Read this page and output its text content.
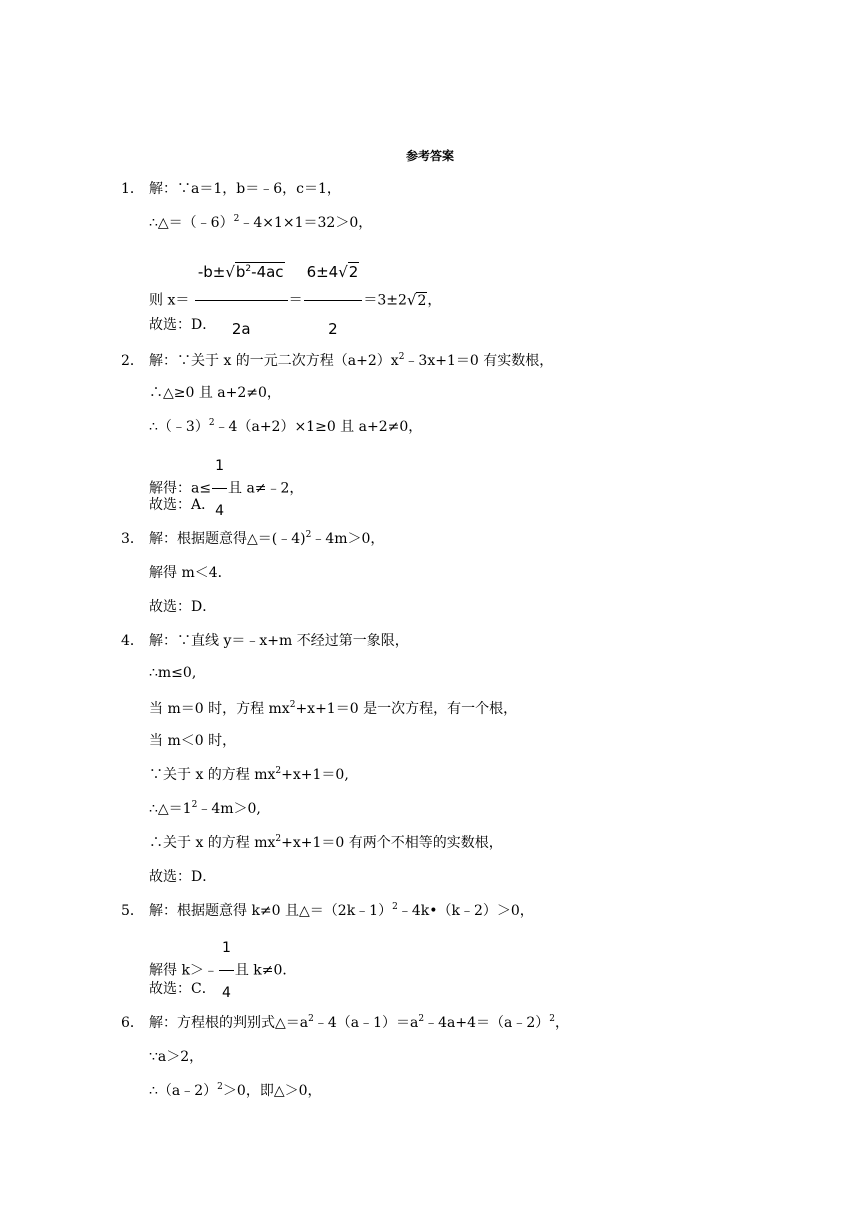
参考答案
1． 解：∵a＝1，b＝﹣6，c＝1，
∴△＝（﹣6）$^2$﹣4×1×1＝32＞0，
则 $x= \frac{-b\pm√b^2-4ac}{2a} = \frac{6\pm 4√2}{2} =3\pm 2√2$，
故选：D．
2． 解：∵关于 x 的一元二次方程$(a+2)x^2﹣3x+1=0$ 有实数根，
∴△≥0 且 a+2≠0，
∴（﹣3）$^2$﹣4（a+2）×1≥0 且 a+2≠0，
解得：$a\le \frac{1}{4}$ 且 a≠﹣2，
故选：A．
3． 解：根据题意得△＝(﹣4)$^2$﹣4m＞0，
解得 m＜4．
故选：D．
4． 解：∵直线 y＝﹣x+m 不经过第一象限，
∴m≤0,
当 m＝0 时，方程 $mx^2+x+1=0$ 是一次方程，有一个根，
当 m＜0 时，
∵关于 x 的方程 $mx^2+x+1=0$,
$\therefore\triangle=1^2﹣4m>0$,
∴关于 x 的方程 $mx^2+x+1=0$ 有两个不相等的实数根，
故选：D．
5． 解：根据题意得 k≠0 且△＝（2k﹣1）$^2$﹣4k•（k﹣2）＞0，
解得 k＞﹣ $\frac{1}{4}$ 且 k≠0．
故选：C．
6． 解：方程根的判别式$\triangle=a^2﹣4(a﹣1)=a^2﹣4a+4=(a﹣2)^2$，
∵a＞2，
∴（a﹣2）$^2$＞0，即△＞0，
